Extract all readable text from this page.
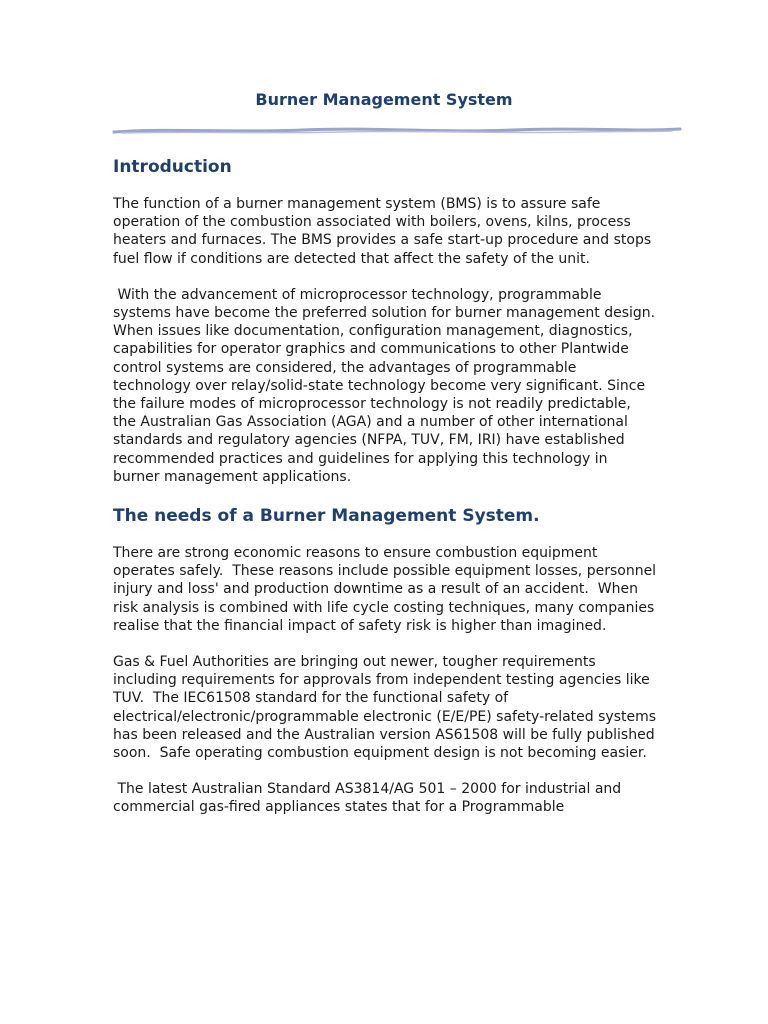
Burner Management System
Introduction

The function of a burner management system (BMS) is to assure safe operation of the combustion associated with boilers, ovens, kilns, process heaters and furnaces. The BMS provides a safe start-up procedure and stops fuel flow if conditions are detected that affect the safety of the unit.

With the advancement of microprocessor technology, programmable systems have become the preferred solution for burner management design. When issues like documentation, configuration management, diagnostics, capabilities for operator graphics and communications to other Plantwide control systems are considered, the advantages of programmable technology over relay/solid-state technology become very significant. Since the failure modes of microprocessor technology is not readily predictable, the Australian Gas Association (AGA) and a number of other international standards and regulatory agencies (NFPA, TUV, FM, IRI) have established recommended practices and guidelines for applying this technology in burner management applications.

The needs of a Burner Management System.

There are strong economic reasons to ensure combustion equipment operates safely.  These reasons include possible equipment losses, personnel injury and loss' and production downtime as a result of an accident.  When risk analysis is combined with life cycle costing techniques, many companies realise that the financial impact of safety risk is higher than imagined.

Gas & Fuel Authorities are bringing out newer, tougher requirements including requirements for approvals from independent testing agencies like TUV.  The IEC61508 standard for the functional safety of electrical/electronic/programmable electronic (E/E/PE) safety-related systems has been released and the Australian version AS61508 will be fully published soon.  Safe operating combustion equipment design is not becoming easier.

The latest Australian Standard AS3814/AG 501 – 2000 for industrial and commercial gas-fired appliances states that for a Programmable
